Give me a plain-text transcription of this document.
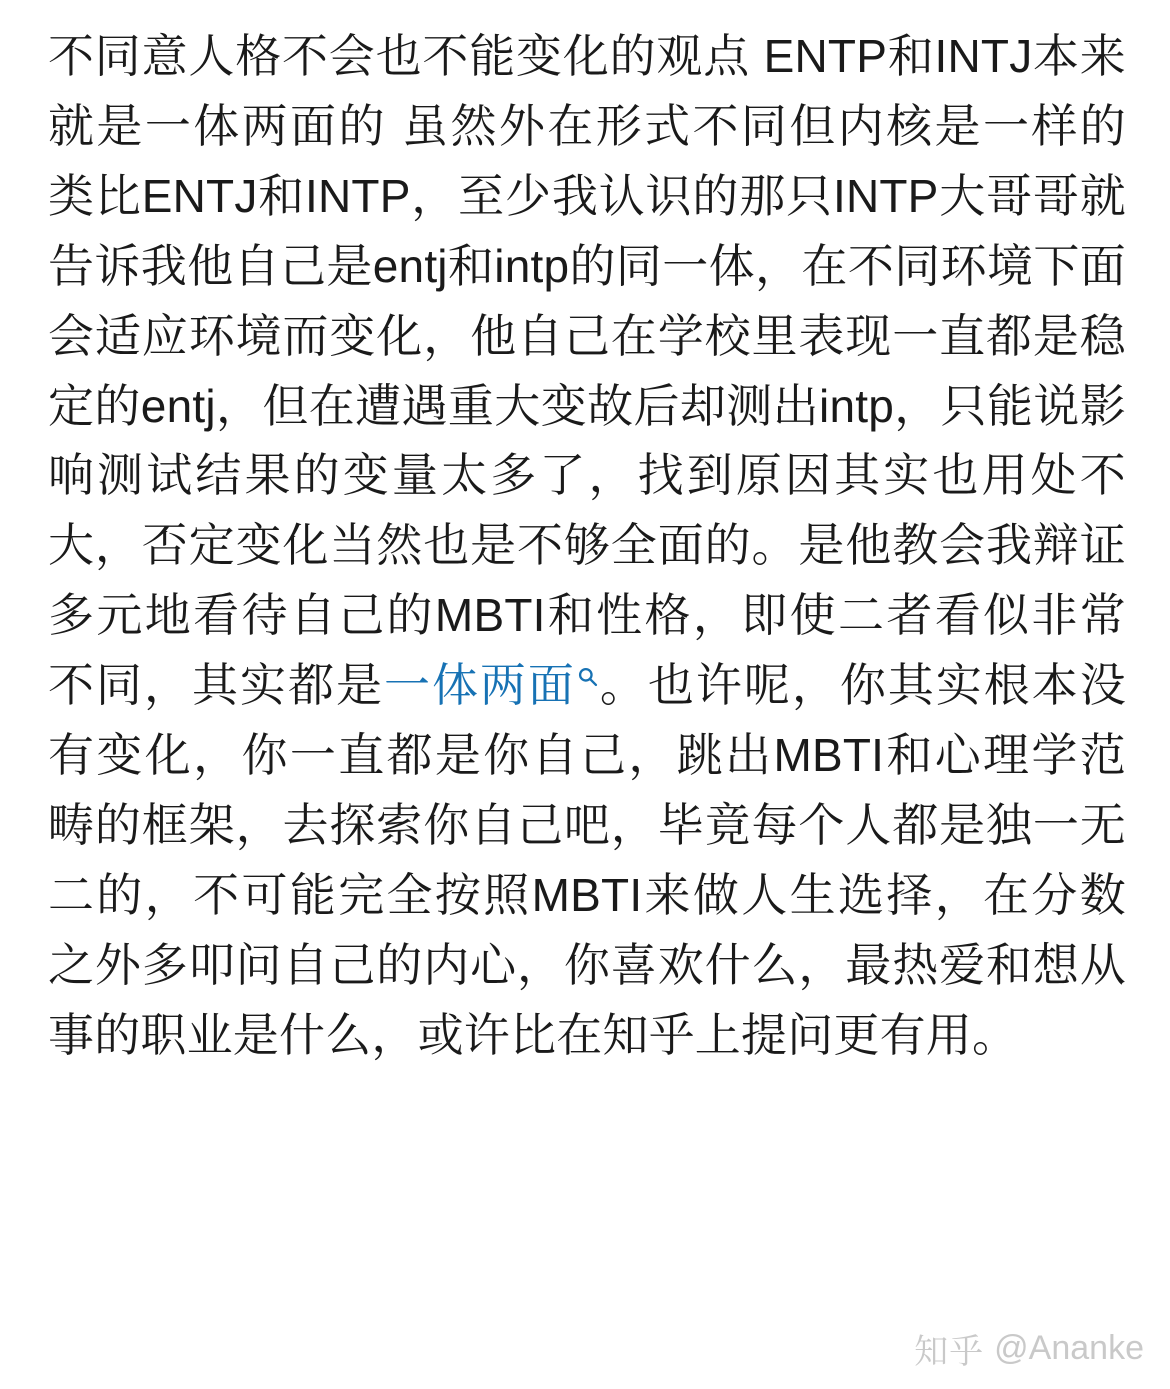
不同意人格不会也不能变化的观点 ENTP和INTJ本来就是一体两面的 虽然外在形式不同但内核是一样的 类比ENTJ和INTP，至少我认识的那只INTP大哥哥就告诉我他自己是entj和intp的同一体，在不同环境下面会适应环境而变化，他自己在学校里表现一直都是稳定的entj，但在遭遇重大变故后却测出intp，只能说影响测试结果的变量太多了，找到原因其实也用处不大，否定变化当然也是不够全面的。是他教会我辩证多元地看待自己的MBTI和性格，即使二者看似非常不同，其实都是一体两面 。也许呢，你其实根本没有变化，你一直都是你自己，跳出MBTI和心理学范畴的框架，去探索你自己吧，毕竟每个人都是独一无二的，不可能完全按照MBTI来做人生选择，在分数之外多叩问自己的内心，你喜欢什么，最热爱和想从事的职业是什么，或许比在知乎上提问更有用。
知乎 @Ananke
